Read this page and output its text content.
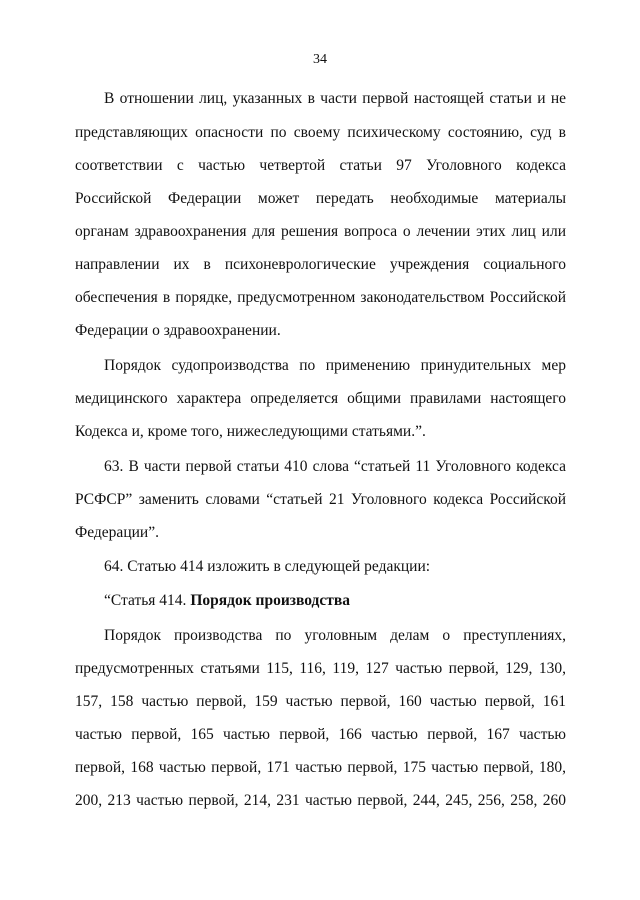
34
В отношении лиц, указанных в части первой настоящей статьи и не
представляющих опасности по своему психическому состоянию, суд в
соответствии с частью четвертой статьи 97 Уголовного кодекса
Российской Федерации может передать необходимые материалы
органам здравоохранения для решения вопроса о лечении этих лиц или
направлении их в психоневрологические учреждения социального
обеспечения в порядке, предусмотренном законодательством Российской
Федерации о здравоохранении.
Порядок судопроизводства по применению принудительных мер
медицинского характера определяется общими правилами настоящего
Кодекса и, кроме того, нижеследующими статьями.”.
63. В части первой статьи 410 слова “статьей 11 Уголовного кодекса
РСФСР” заменить словами “статьей 21 Уголовного кодекса Российской
Федерации”.
64. Статью 414 изложить в следующей редакции:
“Статья 414. Порядок производства
Порядок производства по уголовным делам о преступлениях,
предусмотренных статьями 115, 116, 119, 127 частью первой, 129, 130,
157, 158 частью первой, 159 частью первой, 160 частью первой, 161
частью первой, 165 частью первой, 166 частью первой, 167 частью
первой, 168 частью первой, 171 частью первой, 175 частью первой, 180,
200, 213 частью первой, 214, 231 частью первой, 244, 245, 256, 258, 260
